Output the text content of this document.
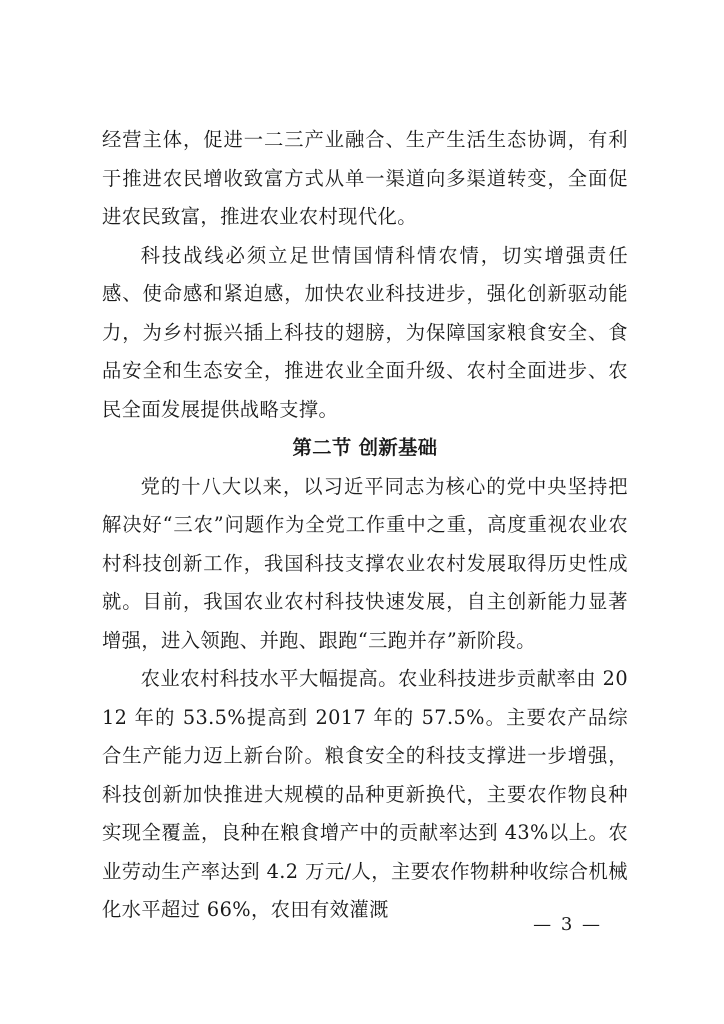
经营主体，促进一二三产业融合、生产生活生态协调，有利于推进农民增收致富方式从单一渠道向多渠道转变，全面促进农民致富，推进农业农村现代化。

科技战线必须立足世情国情科情农情，切实增强责任感、使命感和紧迫感，加快农业科技进步，强化创新驱动能力，为乡村振兴插上科技的翅膀，为保障国家粮食安全、食品安全和生态安全，推进农业全面升级、农村全面进步、农民全面发展提供战略支撑。

第二节 创新基础

党的十八大以来，以习近平同志为核心的党中央坚持把解决好“三农”问题作为全党工作重中之重，高度重视农业农村科技创新工作，我国科技支撑农业农村发展取得历史性成就。目前，我国农业农村科技快速发展，自主创新能力显著增强，进入领跑、并跑、跟跑“三跑并存”新阶段。

农业农村科技水平大幅提高。农业科技进步贡献率由 2012 年的 53.5%提高到 2017 年的 57.5%。主要农产品综合生产能力迈上新台阶。粮食安全的科技支撑进一步增强，科技创新加快推进大规模的品种更新换代，主要农作物良种实现全覆盖，良种在粮食增产中的贡献率达到 43%以上。农业劳动生产率达到 4.2 万元/人，主要农作物耕种收综合机械化水平超过 66%，农田有效灌溉

— 3 —
